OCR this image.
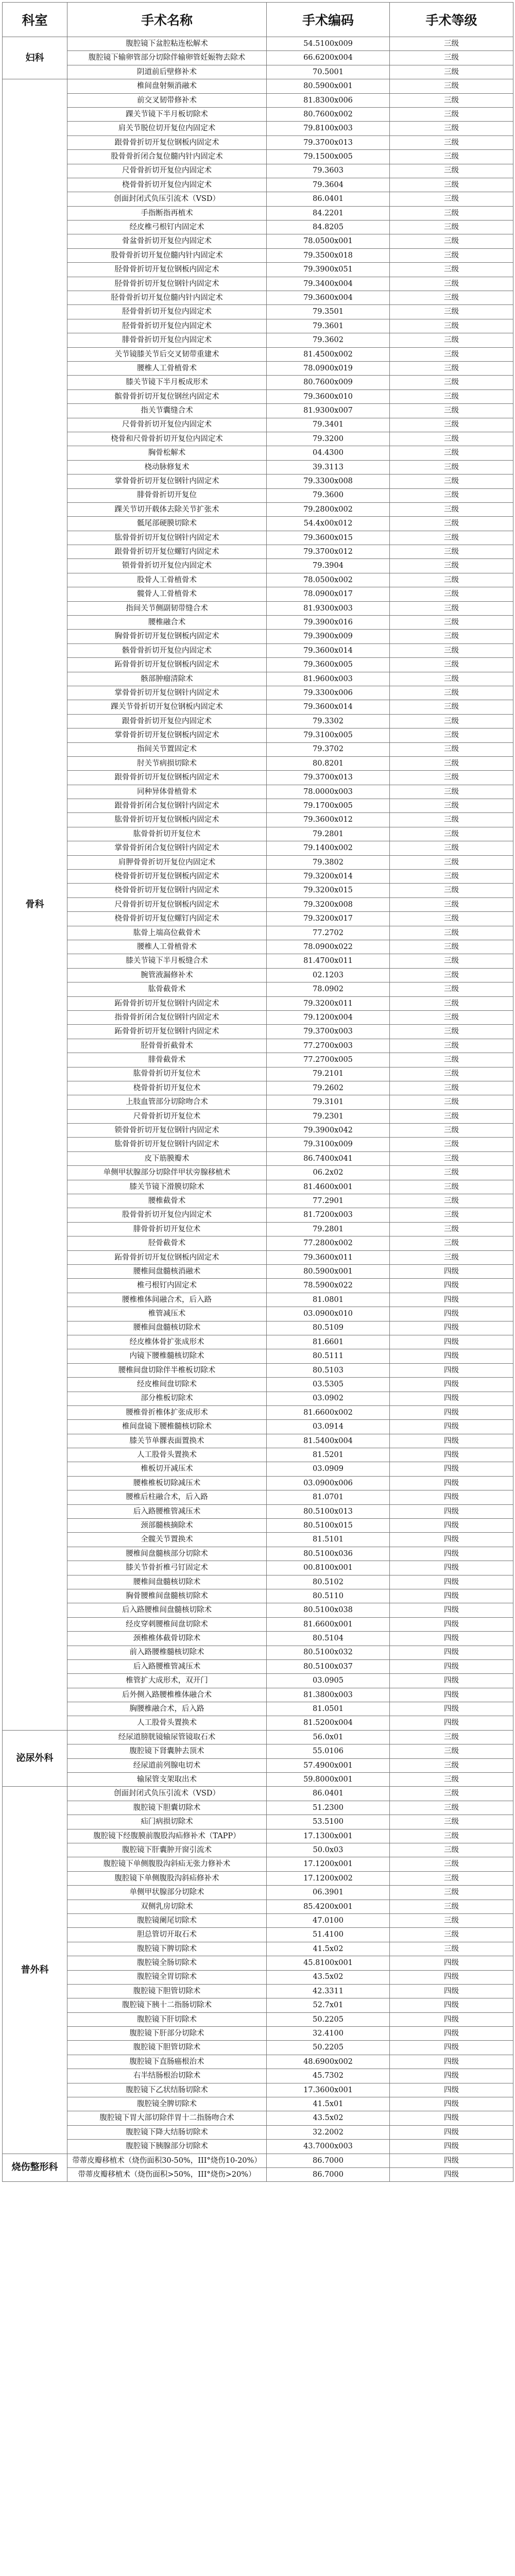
科室	手术名称	手术编码	手术等级
妇科	腹腔镜下盆腔粘连松解术	54.5100x009	三级
	腹腔镜下输卵管部分切除伴输卵管妊娠物去除术	66.6200x004	三级
	阴道前后壁修补术	70.5001	三级
骨科	椎间盘射频消融术	80.5900x001	三级
	前交叉韧带修补术	81.8300x006	三级
	踝关节镜下半月板切除术	80.7600x002	三级
	肩关节脱位切开复位内固定术	79.8100x003	三级
	跟骨骨折切开复位钢板内固定术	79.3700x013	三级
	股骨骨折闭合复位髓内针内固定术	79.1500x005	三级
	尺骨骨折切开复位内固定术	79.3603	三级
	桡骨骨折切开复位内固定术	79.3604	三级
	创面封闭式负压引流术（VSD）	86.0401	三级
	手指断指再植术	84.2201	三级
	经皮椎弓根钉内固定术	84.8205	三级
	骨盆骨折切开复位内固定术	78.0500x001	三级
	股骨骨折切开复位髓内针内固定术	79.3500x018	三级
	胫骨骨折切开复位钢板内固定术	79.3900x051	三级
	胫骨骨折切开复位钢针内固定术	79.3400x004	三级
	胫骨骨折切开复位髓内针内固定术	79.3600x004	三级
	胫骨骨折切开复位内固定术	79.3501	三级
	胫骨骨折切开复位内固定术	79.3601	三级
	腓骨骨折切开复位内固定术	79.3602	三级
	关节镜膝关节后交叉韧带重建术	81.4500x002	三级
	腰椎人工骨植骨术	78.0900x019	三级
	膝关节镜下半月板成形术	80.7600x009	三级
	髌骨骨折切开复位钢丝内固定术	79.3600x010	三级
	指关节囊缝合术	81.9300x007	三级
	尺骨骨折切开复位内固定术	79.3401	三级
	桡骨和尺骨骨折切开复位内固定术	79.3200	三级
	胸骨松解术	04.4300	三级
	桡动脉修复术	39.3113	三级
	掌骨骨折切开复位钢针内固定术	79.3300x008	三级
	腓骨骨折切开复位	79.3600	三级
	踝关节切开载体去除关节扩张术	79.2800x002	三级
	骶尾部硬膜切除术	54.4x00x012	三级
	肱骨骨折切开复位钢针内固定术	79.3600x015	三级
	跟骨骨折切开复位螺钉内固定术	79.3700x012	三级
	锁骨骨折切开复位内固定术	79.3904	三级
	股骨人工骨植骨术	78.0500x002	三级
	髋骨人工骨植骨术	78.0900x017	三级
	指间关节侧副韧带缝合术	81.9300x003	三级
	腰椎融合术	79.3900x016	三级
	胸骨骨折切开复位钢板内固定术	79.3900x009	三级
	骸骨骨折切开复位内固定术	79.3600x014	三级
	跖骨骨折切开复位钢板内固定术	79.3600x005	三级
	骸部肿瘤清除术	81.9600x003	三级
	掌骨骨折切开复位钢针内固定术	79.3300x006	三级
	踝关节骨折切开复位钢板内固定术	79.3600x014	三级
	跟骨骨折切开复位内固定术	79.3302	三级
	掌骨骨折切开复位钢板内固定术	79.3100x005	三级
	指间关节置固定术	79.3702	三级
	肘关节病损切除术	80.8201	三级
	跟骨骨折切开复位钢板内固定术	79.3700x013	三级
	同种异体骨植骨术	78.0000x003	三级
	跟骨骨折闭合复位钢针内固定术	79.1700x005	三级
	肱骨骨折切开复位钢板内固定术	79.3600x012	三级
	肱骨骨折切开复位术	79.2801	三级
	掌骨骨折闭合复位钢针内固定术	79.1400x002	三级
	肩胛骨骨折切开复位内固定术	79.3802	三级
	桡骨骨折切开复位钢板内固定术	79.3200x014	三级
	桡骨骨折切开复位钢针内固定术	79.3200x015	三级
	尺骨骨折切开复位钢板内固定术	79.3200x008	三级
	桡骨骨折切开复位螺钉内固定术	79.3200x017	三级
	肱骨上端高位截骨术	77.2702	三级
	腰椎人工骨植骨术	78.0900x022	三级
	膝关节镜下半月板缝合术	81.4700x011	三级
	腕管液漏修补术	02.1203	三级
	肱骨截骨术	78.0902	三级
	跖骨骨折切开复位钢针内固定术	79.3200x011	三级
	指骨骨折闭合复位钢针内固定术	79.1200x004	三级
	跖骨骨折切开复位钢针内固定术	79.3700x003	三级
	胫骨骨折截骨术	77.2700x003	三级
	腓骨截骨术	77.2700x005	三级
	肱骨骨折切开复位术	79.2101	三级
	桡骨骨折切开复位术	79.2602	三级
	上肢血管部分切除吻合术	79.3101	三级
	尺骨骨折切开复位术	79.2301	三级
	锁骨骨折切开复位钢针内固定术	79.3900x042	三级
	肱骨骨折切开复位钢针内固定术	79.3100x009	三级
	皮下筋膜瓣术	86.7400x041	三级
	单侧甲状腺部分切除伴甲状旁腺移植术	06.2x02	三级
	膝关节镜下滑膜切除术	81.4600x001	三级
	腰椎截骨术	77.2901	三级
	股骨骨折切开复位内固定术	81.7200x003	三级
	腓骨骨折切开复位术	79.2801	三级
	胫骨截骨术	77.2800x002	三级
	跖骨骨折切开复位钢板内固定术	79.3600x011	三级
	腰椎间盘髓核消融术	80.5900x001	四级
	椎弓根钉内固定术	78.5900x022	四级
	腰椎椎体间融合术，后入路	81.0801	四级
	椎管减压术	03.0900x010	四级
	腰椎间盘髓核切除术	80.5109	四级
	经皮椎体骨扩张成形术	81.6601	四级
	内镜下腰椎髓核切除术	80.5111	四级
	腰椎间盘切除伴半椎板切除术	80.5103	四级
	经皮椎间盘切除术	03.5305	四级
	部分椎板切除术	03.0902	四级
	腰椎骨折椎体扩张成形术	81.6600x002	四级
	椎间盘镜下腰椎髓核切除术	03.0914	四级
	膝关节单髁表面置换术	81.5400x004	四级
	人工股骨头置换术	81.5201	四级
	椎板切开减压术	03.0909	四级
	腰椎椎板切除减压术	03.0900x006	四级
	腰椎后柱融合术，后入路	81.0701	四级
	后入路腰椎管减压术	80.5100x013	四级
	颈部髓核摘除术	80.5100x015	四级
	全髋关节置换术	81.5101	四级
	腰椎间盘髓核部分切除术	80.5100x036	四级
	膝关节骨折椎弓钉固定术	00.8100x001	四级
	腰椎间盘髓核切除术	80.5102	四级
	胸骨腰椎间盘髓核切除术	80.5110	四级
	后入路腰椎间盘髓核切除术	80.5100x038	四级
	经皮穿刺腰椎间盘切除术	81.6600x001	四级
	颈椎椎体截骨切除术	80.5104	四级
	前入路腰椎髓核切除术	80.5100x032	四级
	后入路腰椎管减压术	80.5100x037	四级
	椎管扩大成形术，双开门	03.0905	四级
	后外侧入路腰椎椎体融合术	81.3800x003	四级
	胸腰椎融合术，后入路	81.0501	四级
	人工股骨头置换术	81.5200x004	四级
泌尿外科	经尿道膀胱镜输尿管镜取石术	56.0x01	三级
	腹腔镜下肾囊肿去顶术	55.0106	三级
	经尿道前列腺电切术	57.4900x001	三级
	输尿管支架取出术	59.8000x001	三级
普外科	创面封闭式负压引流术（VSD）	86.0401	三级
	腹腔镜下胆囊切除术	51.2300	三级
	疝门病损切除术	53.5100	三级
	腹腔镜下经腹膜前腹股沟疝修补术（TAPP）	17.1300x001	三级
	腹腔镜下肝囊肿开窗引流术	50.0x03	三级
	腹腔镜下单侧腹股沟斜疝无张力修补术	17.1200x001	三级
	腹腔镜下单侧腹股沟斜疝修补术	17.1200x002	三级
	单侧甲状腺部分切除术	06.3901	三级
	双侧乳房切除术	85.4200x001	三级
	腹腔镜阑尾切除术	47.0100	三级
	胆总管切开取石术	51.4100	三级
	腹腔镜下脾切除术	41.5x02	三级
	腹腔镜全肠切除术	45.8100x001	四级
	腹腔镜全胃切除术	43.5x02	四级
	腹腔镜下胆管切除术	42.3311	四级
	腹腔镜下胰十二指肠切除术	52.7x01	四级
	腹腔镜下肝切除术	50.2205	四级
	腹腔镜下肝部分切除术	32.4100	四级
	腹腔镜下胆管切除术	50.2205	四级
	腹腔镜下直肠癌根治术	48.6900x002	四级
	右半结肠根治切除术	45.7302	四级
	腹腔镜下乙状结肠切除术	17.3600x001	四级
	腹腔镜全脾切除术	41.5x01	四级
	腹腔镜下胃大部切除伴胃十二指肠吻合术	43.5x02	四级
	腹腔镜下降大结肠切除术	32.2002	四级
	腹腔镜下胰腺部分切除术	43.7000x003	四级
烧伤整形科	带蒂皮瓣移植术（烧伤面积30-50%，III°烧伤10-20%）	86.7000	四级
	带蒂皮瓣移植术（烧伤面积>50%，III°烧伤>20%）	86.7000	四级
